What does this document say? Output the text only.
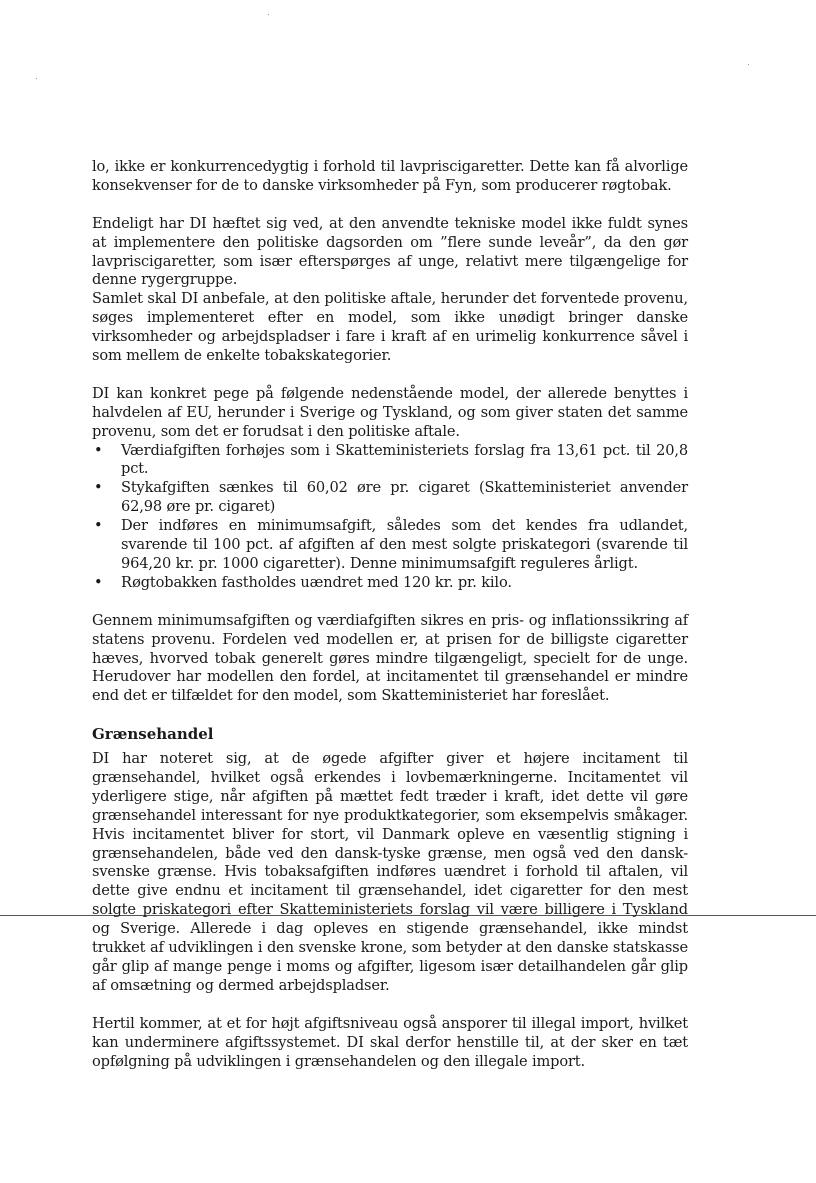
lo, ikke er konkurrencedygtig i forhold til lavpriscigaretter. Dette kan få alvorlige konsekvenser for de to danske virksomheder på Fyn, som producerer røgtobak.

Endeligt har DI hæftet sig ved, at den anvendte tekniske model ikke fuldt synes at implementere den politiske dagsorden om ”flere sunde leveår”, da den gør lavpriscigaretter, som især efterspørges af unge, relativt mere tilgængelige for denne rygergruppe.

Samlet skal DI anbefale, at den politiske aftale, herunder det forventede provenu, søges implementeret efter en model, som ikke unødigt bringer danske virksomheder og arbejdspladser i fare i kraft af en urimelig konkurrence såvel i som mellem de enkelte tobakskategorier.

DI kan konkret pege på følgende nedenstående model, der allerede benyttes i halvdelen af EU, herunder i Sverige og Tyskland, og som giver staten det samme provenu, som det er forudsat i den politiske aftale.

• Værdiafgiften forhøjes som i Skatteministeriets forslag fra 13,61 pct. til 20,8 pct.
• Stykafgiften sænkes til 60,02 øre pr. cigaret (Skatteministeriet anvender 62,98 øre pr. cigaret)
• Der indføres en minimumsafgift, således som det kendes fra udlandet, svarende til 100 pct. af afgiften af den mest solgte priskategori (svarende til 964,20 kr. pr. 1000 cigaretter). Denne minimumsafgift reguleres årligt.
• Røgtobakken fastholdes uændret med 120 kr. pr. kilo.

Gennem minimumsafgiften og værdiafgiften sikres en pris- og inflationssikring af statens provenu. Fordelen ved modellen er, at prisen for de billigste cigaretter hæves, hvorved tobak generelt gøres mindre tilgængeligt, specielt for de unge. Herudover har modellen den fordel, at incitamentet til grænsehandel er mindre end det er tilfældet for den model, som Skatteministeriet har foreslået.

Grænsehandel

DI har noteret sig, at de øgede afgifter giver et højere incitament til grænsehandel, hvilket også erkendes i lovbemærkningerne. Incitamentet vil yderligere stige, når afgiften på mættet fedt træder i kraft, idet dette vil gøre grænsehandel interessant for nye produktkategorier, som eksempelvis småkager. Hvis incitamentet bliver for stort, vil Danmark opleve en væsentlig stigning i grænsehandelen, både ved den dansk-tyske grænse, men også ved den dansk-svenske grænse. Hvis tobaksafgiften indføres uændret i forhold til aftalen, vil dette give endnu et incitament til grænsehandel, idet cigaretter for den mest solgte priskategori efter Skatteministeriets forslag vil være billigere i Tyskland og Sverige. Allerede i dag opleves en stigende grænsehandel, ikke mindst trukket af udviklingen i den svenske krone, som betyder at den danske statskasse går glip af mange penge i moms og afgifter, ligesom især detailhandelen går glip af omsætning og dermed arbejdspladser.

Hertil kommer, at et for højt afgiftsniveau også ansporer til illegal import, hvilket kan underminere afgiftssystemet. DI skal derfor henstille til, at der sker en tæt opfølgning på udviklingen i grænsehandelen og den illegale import.
